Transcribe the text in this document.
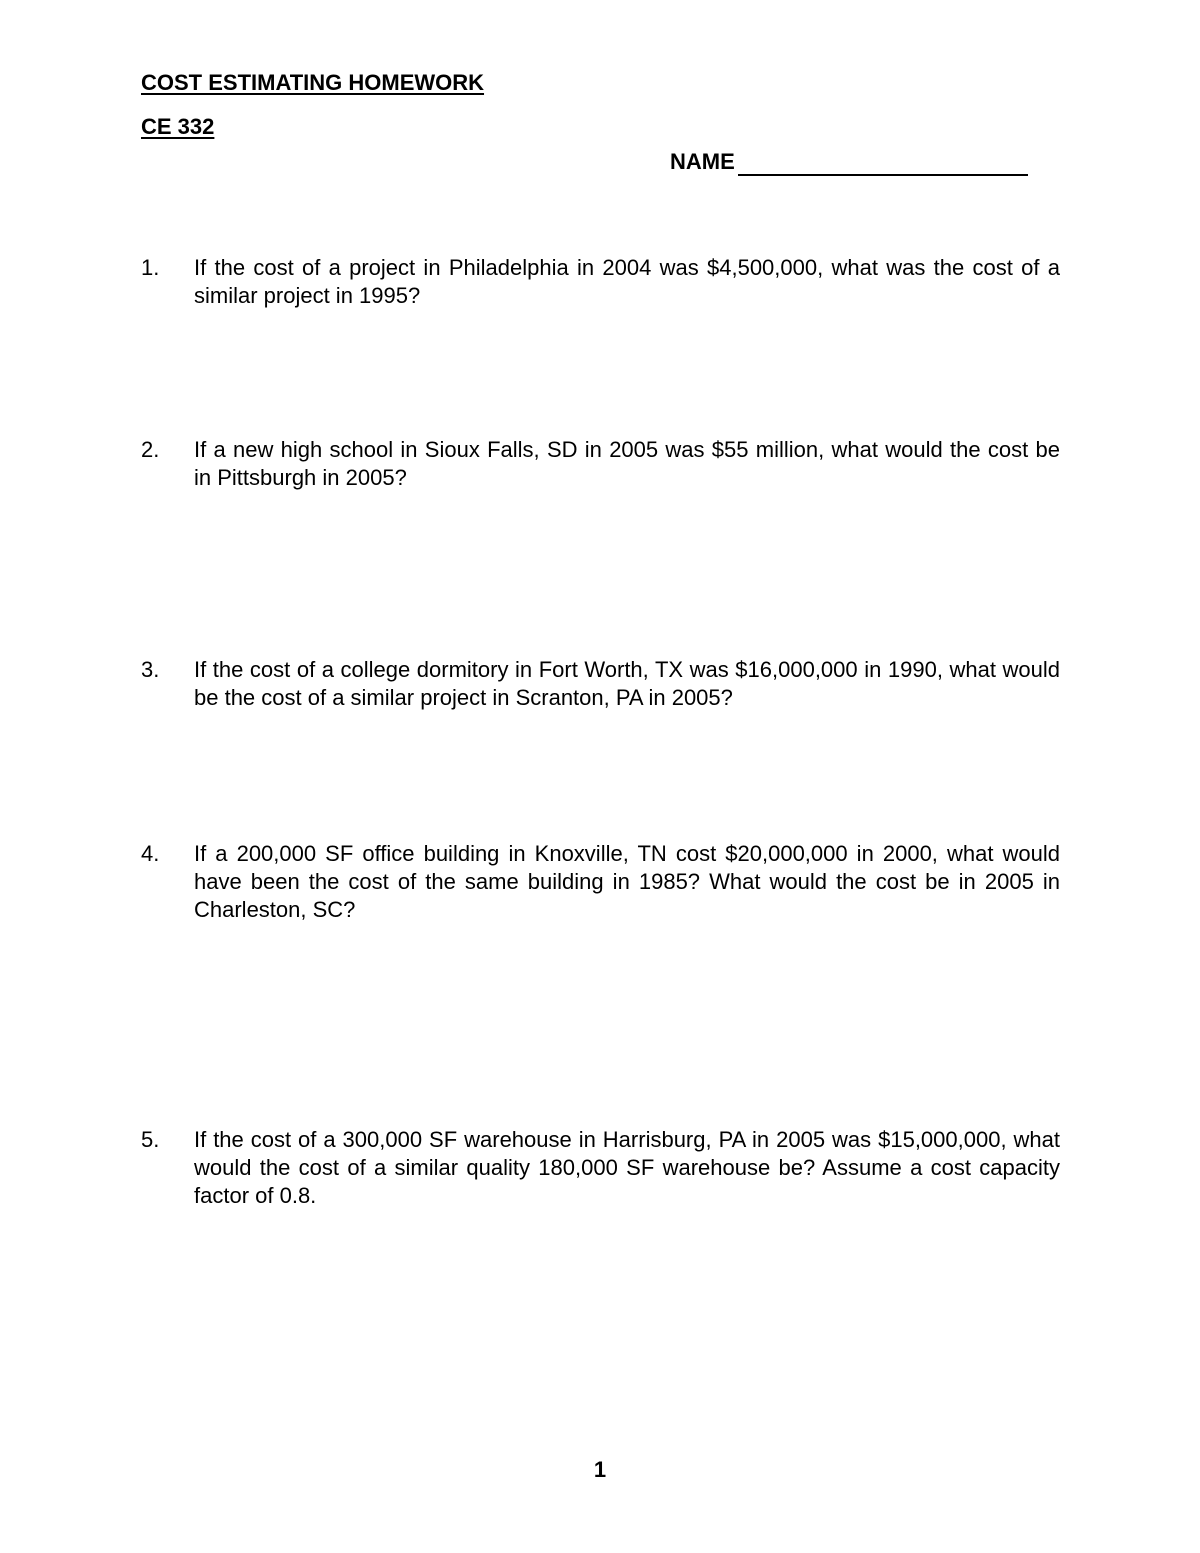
COST ESTIMATING HOMEWORK
CE 332
NAME
1. If the cost of a project in Philadelphia in 2004 was $4,500,000, what was the cost of a similar project in 1995?
2. If a new high school in Sioux Falls, SD in 2005 was $55 million, what would the cost be in Pittsburgh in 2005?
3. If the cost of a college dormitory in Fort Worth, TX was $16,000,000 in 1990, what would be the cost of a similar project in Scranton, PA in 2005?
4. If a 200,000 SF office building in Knoxville, TN cost $20,000,000 in 2000, what would have been the cost of the same building in 1985? What would the cost be in 2005 in Charleston, SC?
5. If the cost of a 300,000 SF warehouse in Harrisburg, PA in 2005 was $15,000,000, what would the cost of a similar quality 180,000 SF warehouse be? Assume a cost capacity factor of 0.8.
1
